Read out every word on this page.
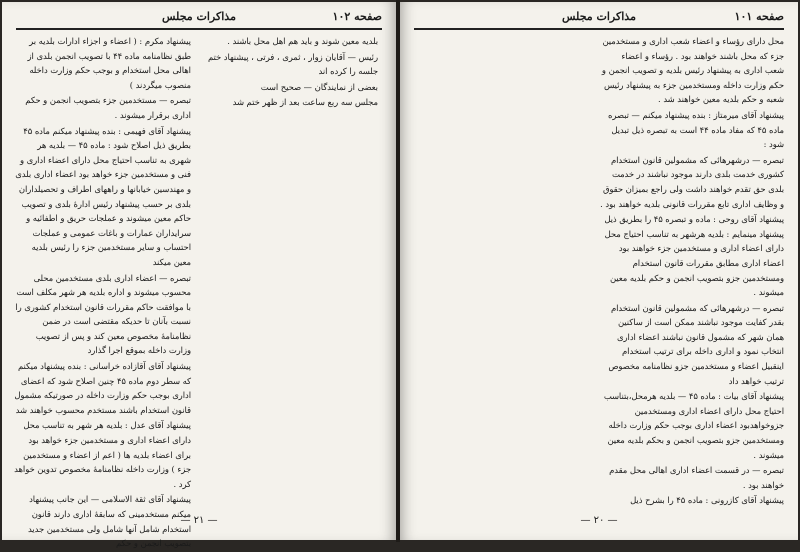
صفحه ۱۰۲
مذاکرات مجلس

بلدیه معین شوند و باید هم اهل محل باشند .

رئیس — آقایان زوار ، ثمری ، فرتی ، پیشنهاد ختم جلسه را کرده اند

بعضی از نمایندگان — صحیح است

مجلس سه ربع ساعت بعد از ظهر ختم شد

پیشنهاد مکرم : ( اعضاء و اجزاء ادارات بلدیه بر طبق نظامنامه ماده ۴۴ با تصویب انجمن بلدی از اهالی محل استخدام و بوجب حکم وزارت داخله منصوب میگردند )

تبصره — مستخدمین جزء بتصویب انجمن و حکم اداری برقرار میشوند .

پیشنهاد آقای فهیمی : بنده پیشنهاد میکنم ماده ۴۵ بطریق ذیل اصلاح شود : ماده ۴۵ — بلدیه هر شهری به تناسب احتیاج محل دارای اعضاء اداری و فنی و مستخدمین جزء خواهد بود اعضاء اداری بلدی و مهندسین خیابانها و راههای اطراف و تحصیلداران بلدی بر حسب پیشنهاد رئیس ادارهٔ بلدی و تصویب حاکم معین میشوند و عملجات حریق و اطفائیه و سرایداران عمارات و باغات عمومی و عملجات احتساب و سایر مستخدمین جزء را رئیس بلدیه معین میکند

تبصره — اعضاء اداری بلدی مستخدمین محلی محسوب میشوند و اداره بلدیه هر شهر مکلف است با موافقت حاکم مقررات قانون استخدام کشوری را نسبت بآنان تا حدیکه مقتضی است در ضمن نظامنامهٔ مخصوص معین کند و پس از تصویب وزارت داخله بموقع اجرا گذارد

پیشنهاد آقای آقازاده خراسانی : بنده پیشنهاد میکنم که سطر دوم ماده ۴۵ چنین اصلاح شود که اعضای اداری بوجب حکم وزارت داخله در صورتیکه مشمول قانون استخدام باشند مستخدم محسوب خواهند شد

پیشنهاد آقای عدل : بلدیه هر شهر به تناسب محل دارای اعضاء اداری و مستخدمین جزء خواهد بود برای اعضاء بلدیه ها ( اعم از اعضاء و مستخدمین جزء ) وزارت داخله نظامنامهٔ مخصوص تدوین خواهد کرد .

پیشنهاد آقای ثقة الاسلامی — این جانب پیشنهاد میکنم مستخدمینی که سابقهٔ اداری دارند قانون استخدام شامل آنها شامل ولی مستخدمین جدید بتصویب انجمن و حکم

— ۲۱ —
صفحه ۱۰۱
مذاکرات مجلس

محل دارای رؤساء و اعضاء شعب اداری و مستخدمین جزء که محل باشند خواهند بود . رؤساء و اعضاء شعب اداری به پیشنهاد رئیس بلدیه و تصویب انجمن و حکم وزارت داخله ومستخدمین جزء به پیشنهاد رئیس شعبه و حکم بلدیه معین خواهند شد .

پیشنهاد آقای میرمتاز : بنده پیشنهاد میکنم — تبصره ماده ۴۵ که مفاد ماده ۴۴ است به تبصره ذیل تبدیل شود :

تبصره — درشهرهائی که مشمولین قانون استخدام کشوری خدمت بلدی دارند موجود نباشند در خدمت بلدی حق تقدم خواهند داشت ولی راجع بمیزان حقوق و وظایف اداری تابع مقررات قانونی بلدیه خواهند بود .

پیشنهاد آقای روحی : ماده و تبصره ۴۵ را بطریق ذیل پیشنهاد مینمایم : بلدیه هرشهر به تناسب احتیاج محل دارای اعضاء اداری و مستخدمین جزء خواهند بود اعضاء اداری مطابق مقررات قانون استخدام ومستخدمین جزو بتصویب انجمن و حکم بلدیه معین میشوند .

تبصره — درشهرهائی که مشمولین قانون استخدام بقدر کفایت موجود نباشند ممکن است از ساکنین همان شهر که مشمول قانون نباشند اعضاء اداری انتخاب نمود و اداری داخله برای ترتیب استخدام اینقبیل اعضاء و مستخدمین جزو نظامنامه مخصوص ترتیب خواهد داد

پیشنهاد آقای بیات : ماده ۴۵ — بلدیه هرمحل،بتناسب احتیاج محل دارای اعضاء اداری ومستخدمین جزوخواهدبود اعضاء اداری بوجب حکم وزارت داخله ومستخدمین جزو بتصویب انجمن و بحکم بلدیه معین میشوند .

تبصره — در قسمت اعضاء اداری اهالی محل مقدم خواهند بود .

پیشنهاد آقای کازرونی : ماده ۴۵ را بشرح ذیل

— ۲۰ —
